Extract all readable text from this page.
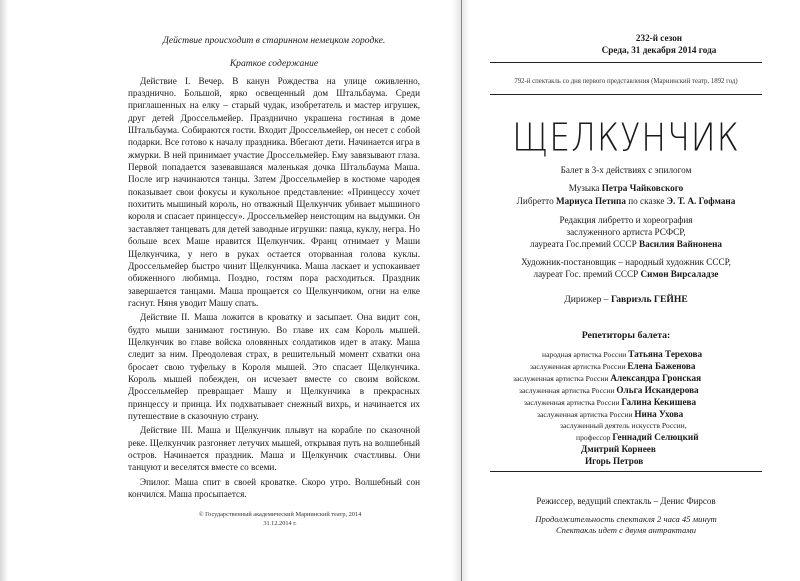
Действие происходит в старинном немецком городке.

Краткое содержание

Действие I. Вечер. В канун Рождества на улице оживленно, празднично. Большой, ярко освещенный дом Штальбаума. Среди приглашенных на елку – старый чудак, изобретатель и мастер игрушек, друг детей Дроссельмейер. Празднично украшена гостиная в доме Штальбаума. Собираются гости. Входит Дроссельмейер, он несет с собой подарки. Все готово к началу праздника. Вбегают дети. Начинается игра в жмурки. В ней принимает участие Дроссельмейер. Ему завязывают глаза. Первой попадается зазевавшаяся маленькая дочка Штальбаума Маша. После игр начинаются танцы. Затем Дроссельмейер в костюме чародея показывает свои фокусы и кукольное представление: «Принцессу хочет похитить мышиный король, но отважный Щелкунчик убивает мышиного короля и спасает принцессу». Дроссельмейер неистощим на выдумки. Он заставляет танцевать для детей заводные игрушки: паяца, куклу, негра. Но больше всех Маше нравится Щелкунчик. Франц отнимает у Маши Щелкунчика, у него в руках остается оторванная голова куклы. Дроссельмейер быстро чинит Щелкунчика. Маша ласкает и успокаивает обиженного любимца. Поздно, гостям пора расходиться. Праздник завершается танцами. Маша прощается со Щелкунчиком, огни на елке гаснут. Няня уводит Машу спать.

Действие II. Маша ложится в кроватку и засыпает. Она видит сон, будто мыши занимают гостиную. Во главе их сам Король мышей. Щелкунчик во главе войска оловянных солдатиков идет в атаку. Маша следит за ним. Преодолевая страх, в решительный момент схватки она бросает свою туфельку в Короля мышей. Это спасает Щелкунчика. Король мышей побежден, он исчезает вместе со своим войском. Дроссельмейер превращает Машу и Щелкунчика в прекрасных принцессу и принца. Их подхватывает снежный вихрь, и начинается их путешествие в сказочную страну.

Действие III. Маша и Щелкунчик плывут на корабле по сказочной реке. Щелкунчик разгоняет летучих мышей, открывая путь на волшебный остров. Начинается праздник. Маша и Щелкунчик счастливы. Они танцуют и веселятся вместе со всеми.

Эпилог. Маша спит в своей кроватке. Скоро утро. Волшебный сон кончился. Маша просыпается.

© Государственный академический Мариинский театр, 2014
31.12.2014 г.
232-й сезон
Среда, 31 декабря 2014 года
792-й спектакль со дня первого представления (Мариинский театр, 1892 год)
ЩЕЛКУНЧИК
Балет в 3-х действиях с эпилогом
Музыка Петра Чайковского
Либретто Мариуса Петипа по сказке Э. Т. А. Гофмана
Редакция либретто и хореография
заслуженного артиста РСФСР,
лауреата Гос.премий СССР Василия Вайнонена
Художник-постановщик – народный художник СССР,
лауреат Гос. премий СССР Симон Вирсаладзе
Дирижер – Гавриэль ГЕЙНЕ
Репетиторы балета:
народная артистка России Татьяна Терехова
заслуженная артистка России Елена Баженова
заслуженная артистка России Александра Гронская
заслуженная артистка России Ольга Искандерова
заслуженная артистка России Галина Кекишева
заслуженная артистка России Нина Ухова
заслуженный деятель искусств России,
профессор Геннадий Селюцкий
Дмитрий Корнеев
Игорь Петров
Режиссер, ведущий спектакль – Денис Фирсов
Продолжительность спектакля 2 часа 45 минут
Спектакль идет с двумя антрактами
